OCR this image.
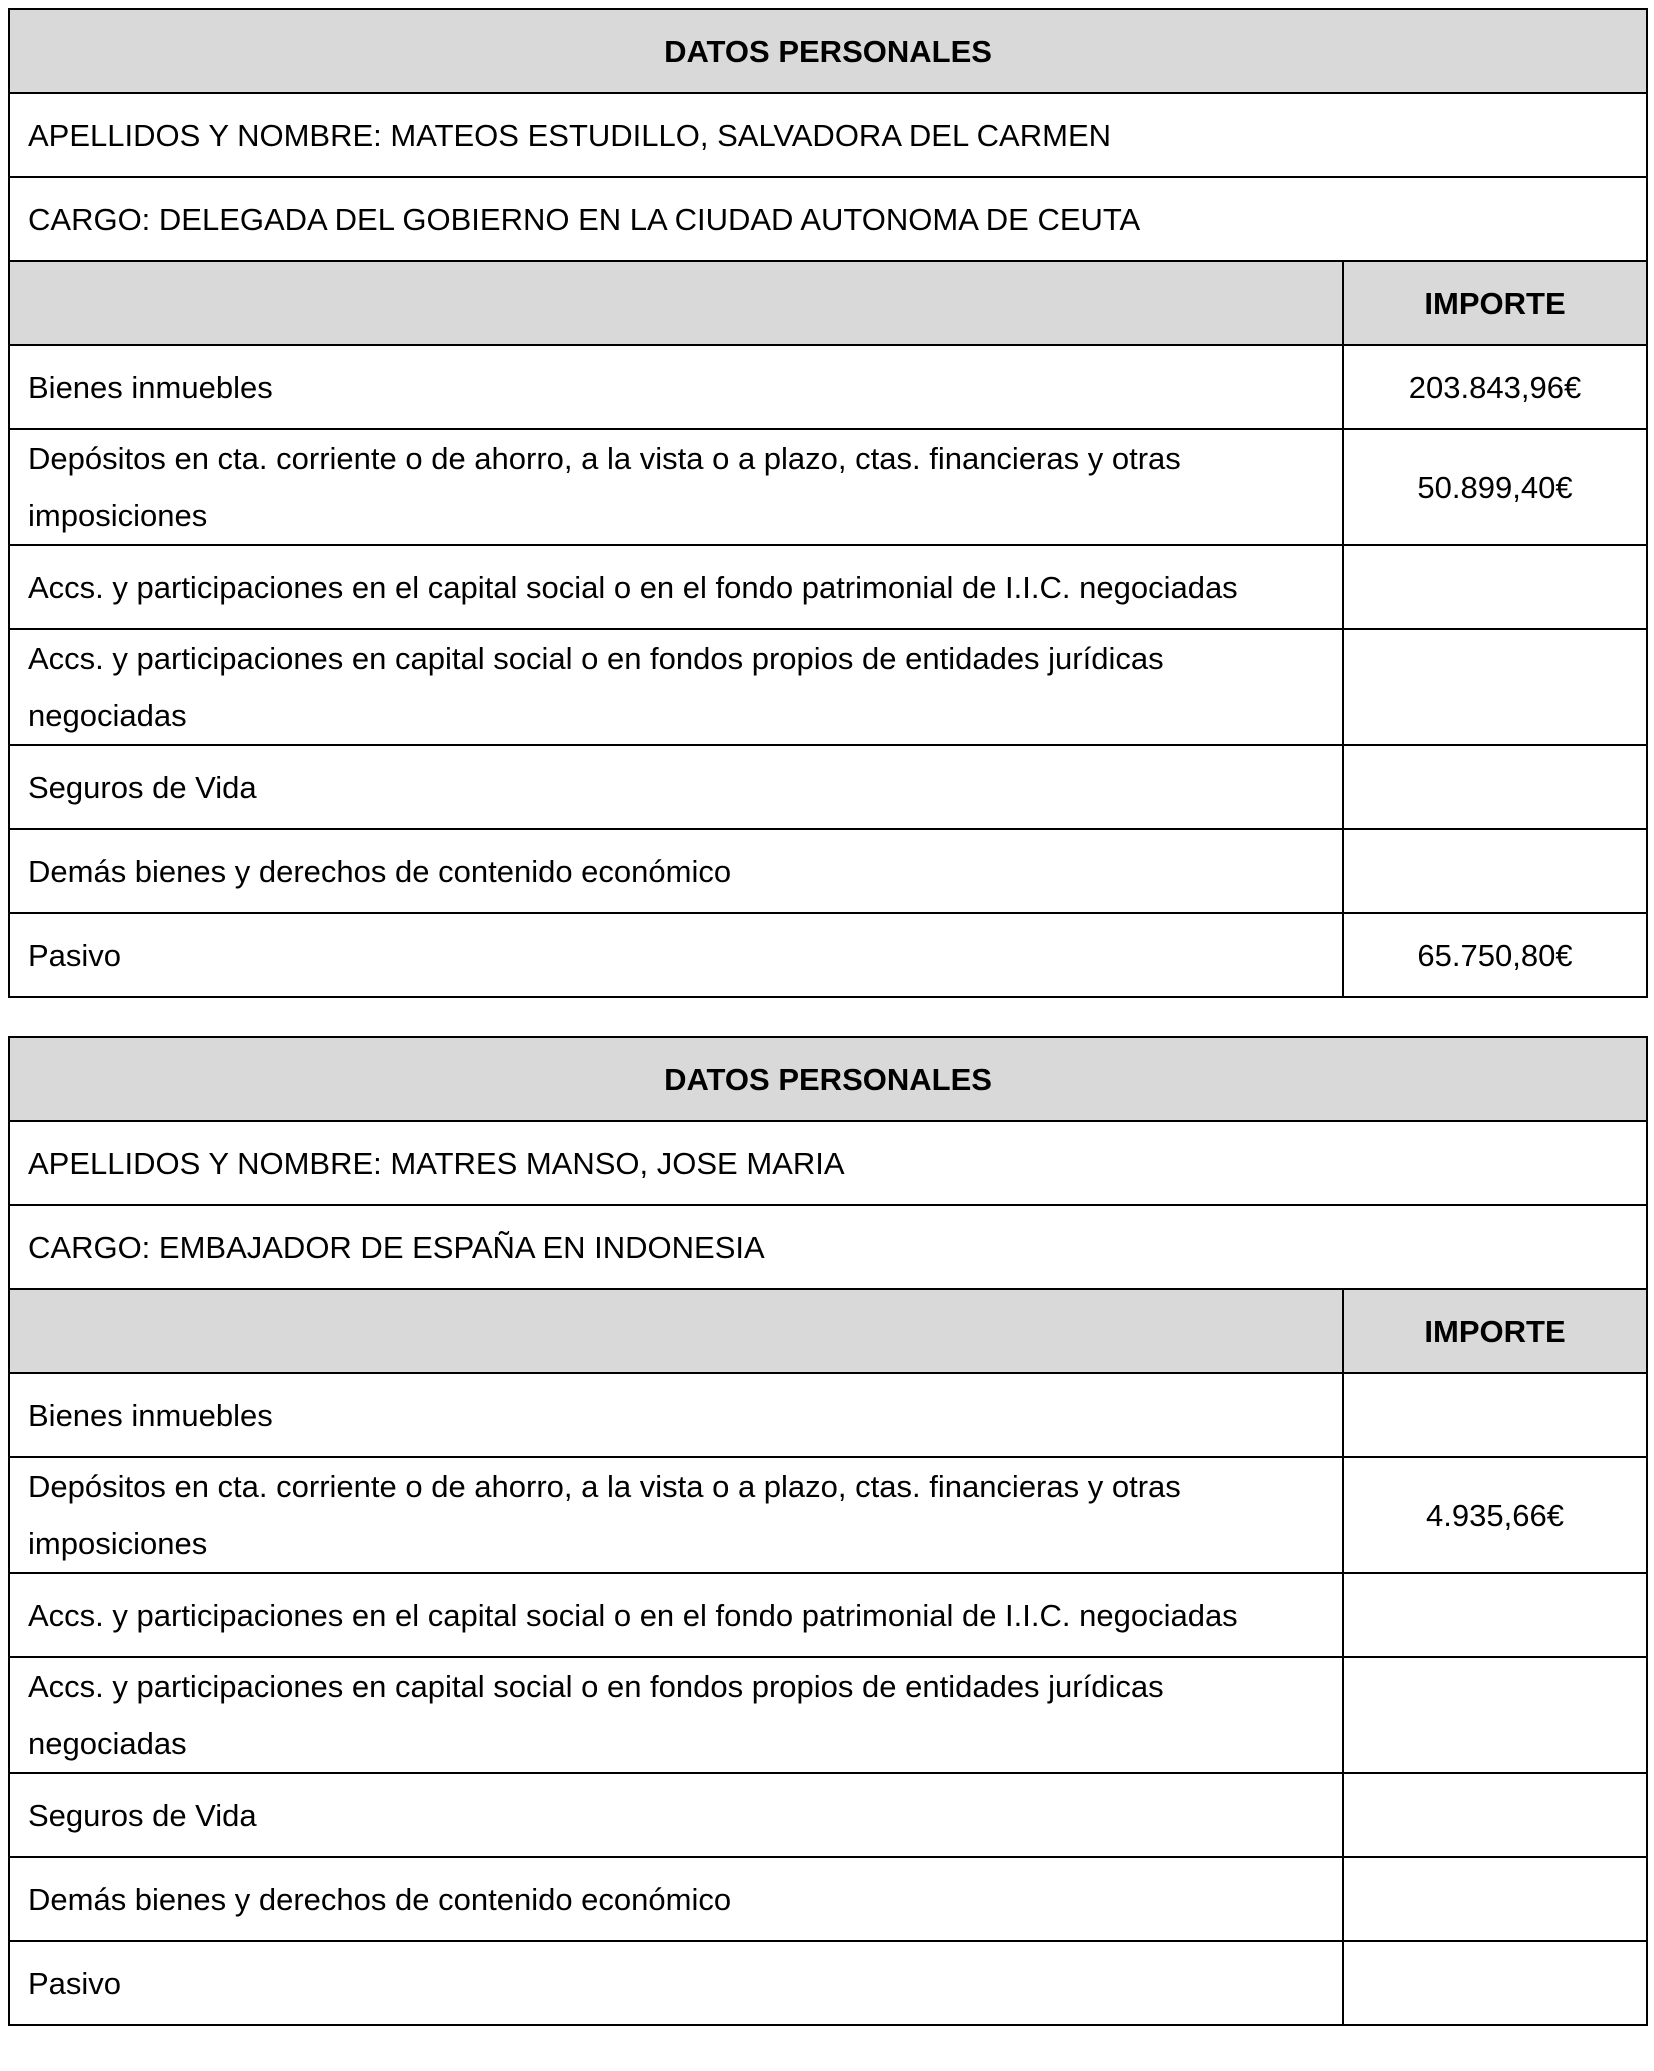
DATOS PERSONALES	
APELLIDOS Y NOMBRE: MATEOS ESTUDILLO, SALVADORA DEL CARMEN	
CARGO: DELEGADA DEL GOBIERNO EN LA CIUDAD AUTONOMA DE CEUTA	
	IMPORTE
Bienes inmuebles	203.843,96€
Depósitos en cta. corriente o de ahorro, a la vista o a plazo, ctas. financieras y otras imposiciones	50.899,40€
Accs. y participaciones en el capital social o en el fondo patrimonial de I.I.C. negociadas	
Accs. y participaciones en capital social o en fondos propios de entidades jurídicas negociadas	
Seguros de Vida	
Demás bienes y derechos de contenido económico	
Pasivo	65.750,80€
DATOS PERSONALES	
APELLIDOS Y NOMBRE: MATRES MANSO, JOSE MARIA	
CARGO: EMBAJADOR DE ESPAÑA EN INDONESIA	
	IMPORTE
Bienes inmuebles	
Depósitos en cta. corriente o de ahorro, a la vista o a plazo, ctas. financieras y otras imposiciones	4.935,66€
Accs. y participaciones en el capital social o en el fondo patrimonial de I.I.C. negociadas	
Accs. y participaciones en capital social o en fondos propios de entidades jurídicas negociadas	
Seguros de Vida	
Demás bienes y derechos de contenido económico	
Pasivo	
